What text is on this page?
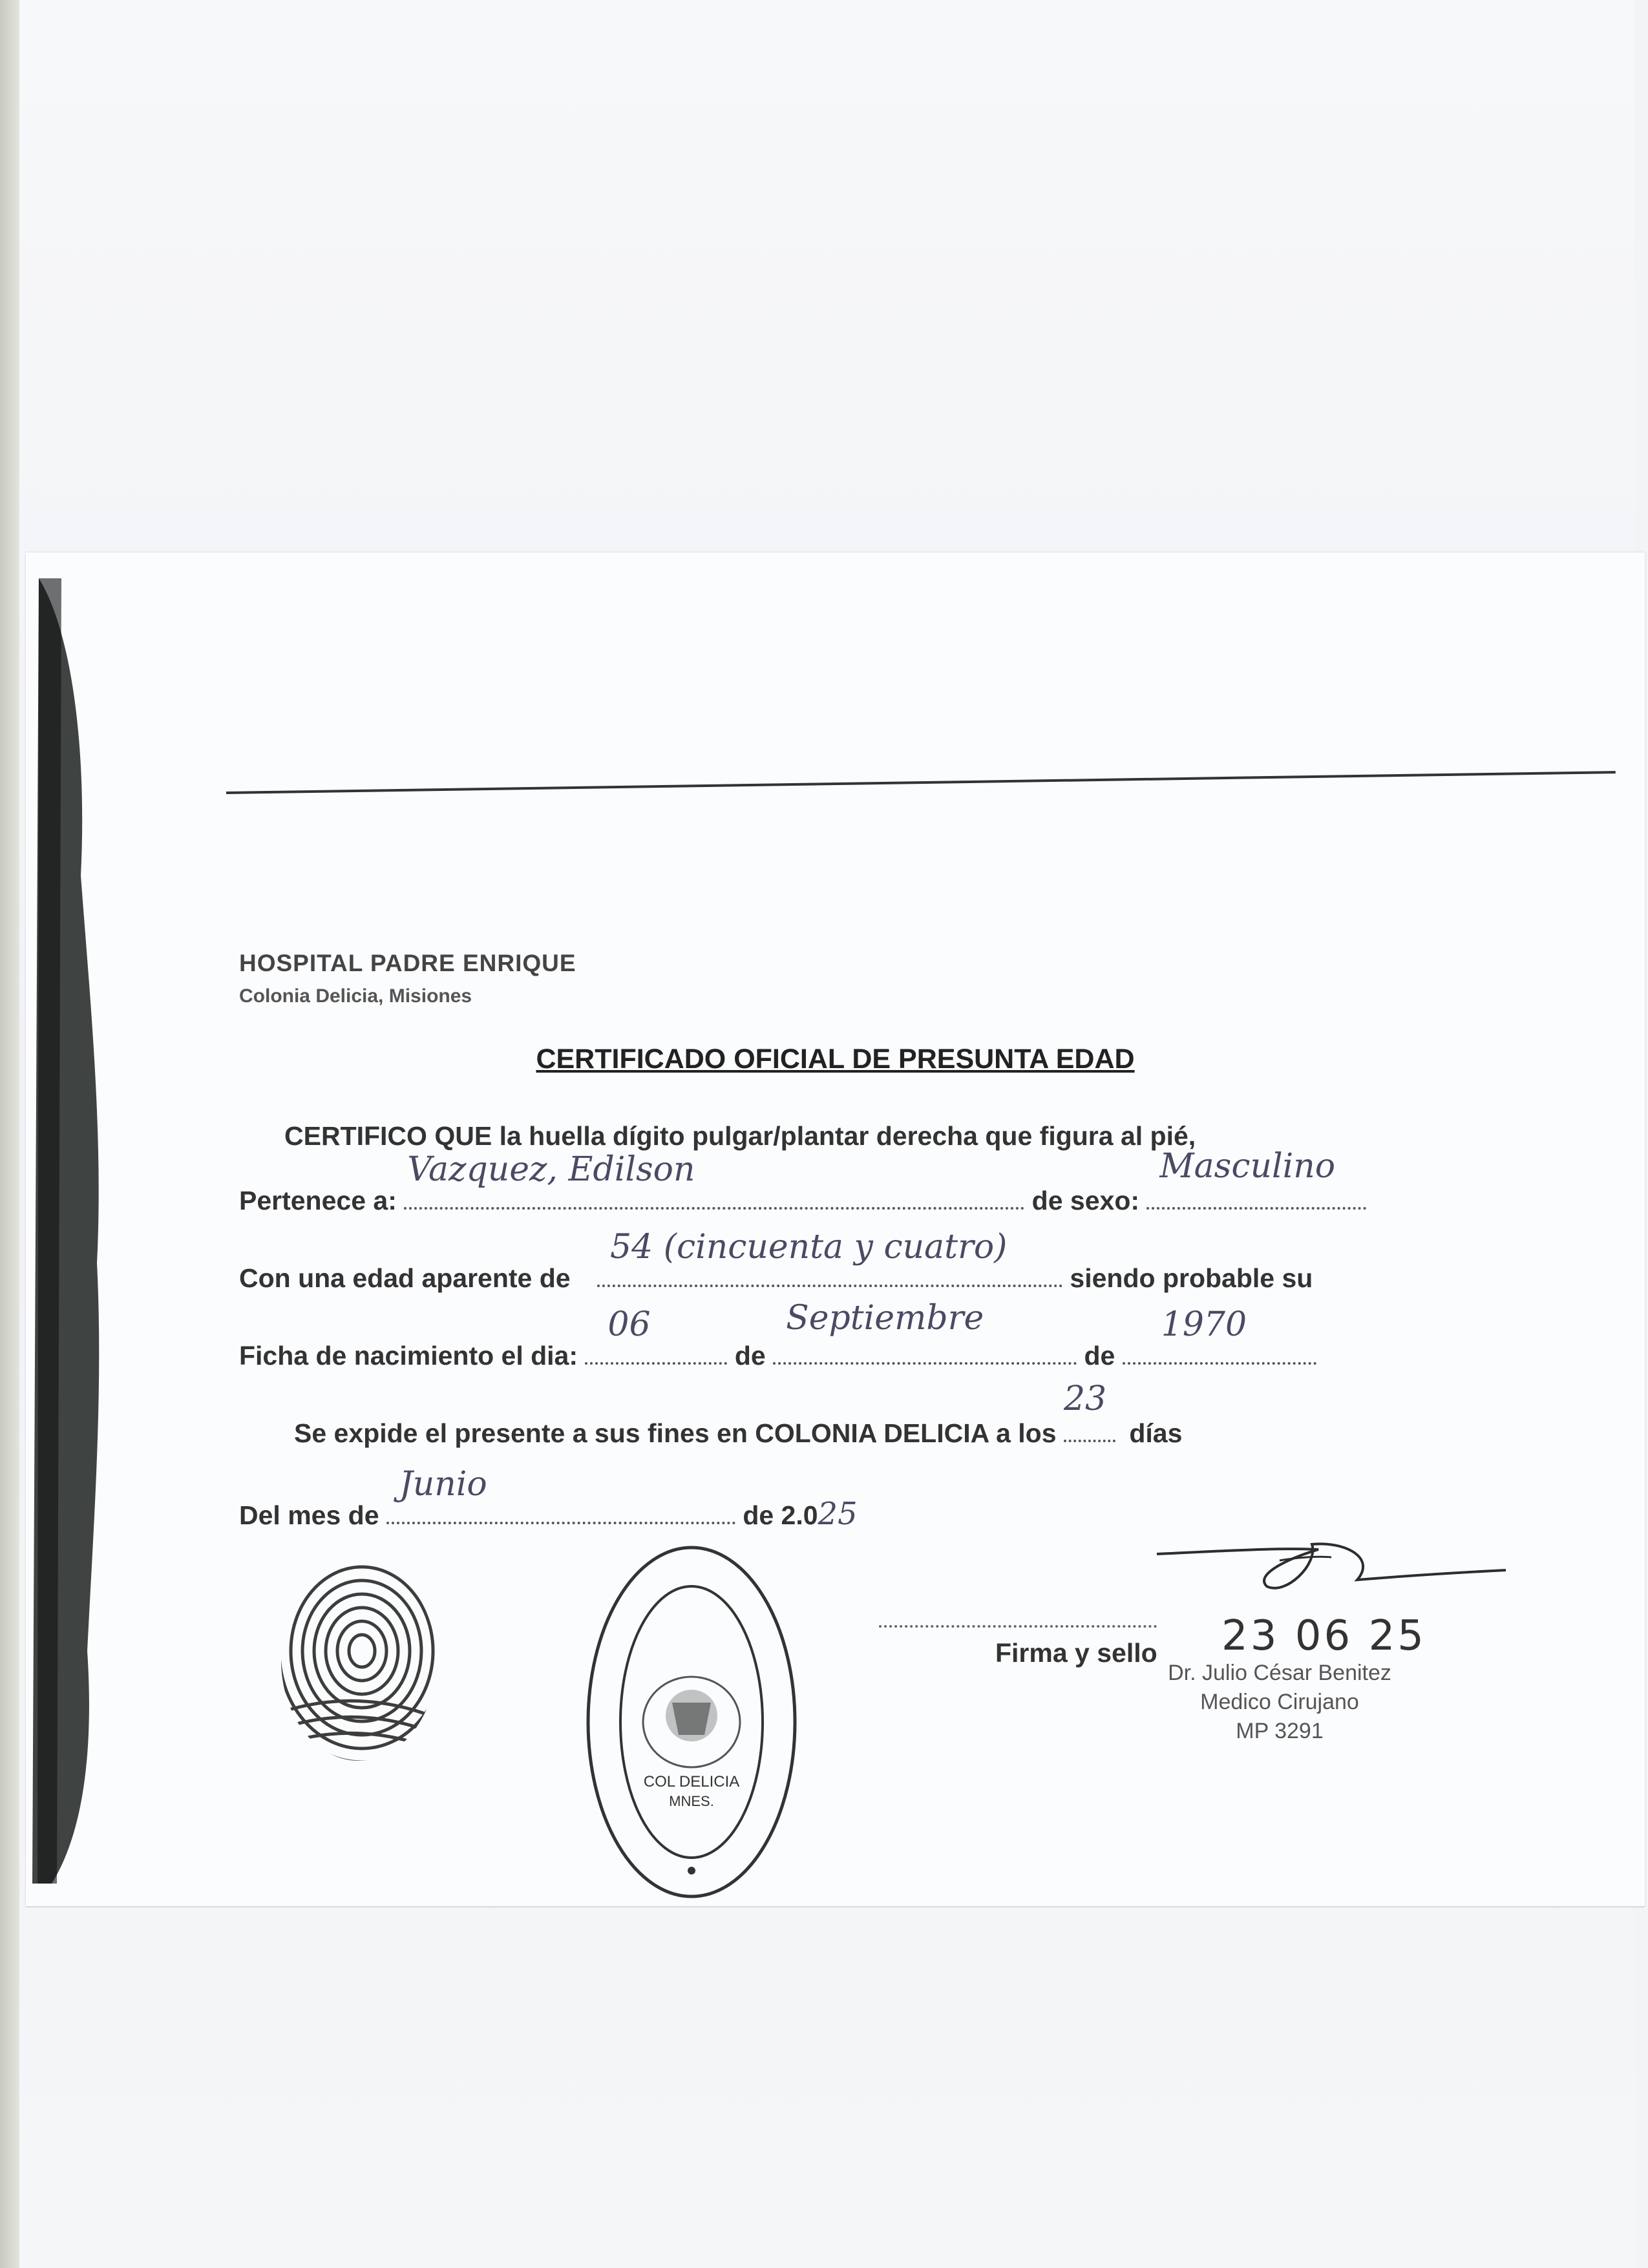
HOSPITAL PADRE ENRIQUE
Colonia Delicia, Misiones
CERTIFICADO OFICIAL DE PRESUNTA EDAD
CERTIFICO QUE la huella dígito pulgar/plantar derecha que figura al pié,
Pertenece a:
Vazquez, Edilson
de sexo:
Masculino
Con una edad aparente de
54 (cincuenta y cuatro)
siendo probable su
Ficha de nacimiento el dia:
06
de
Septiembre
de
1970
Se expide el presente a sus fines en COLONIA DELICIA a los
23
días
Del mes de
Junio
de 2.025
COL DELICIA
MNES.
Firma y sello 23 06 25
Dr. Julio César Benitez
Medico Cirujano
MP 3291
